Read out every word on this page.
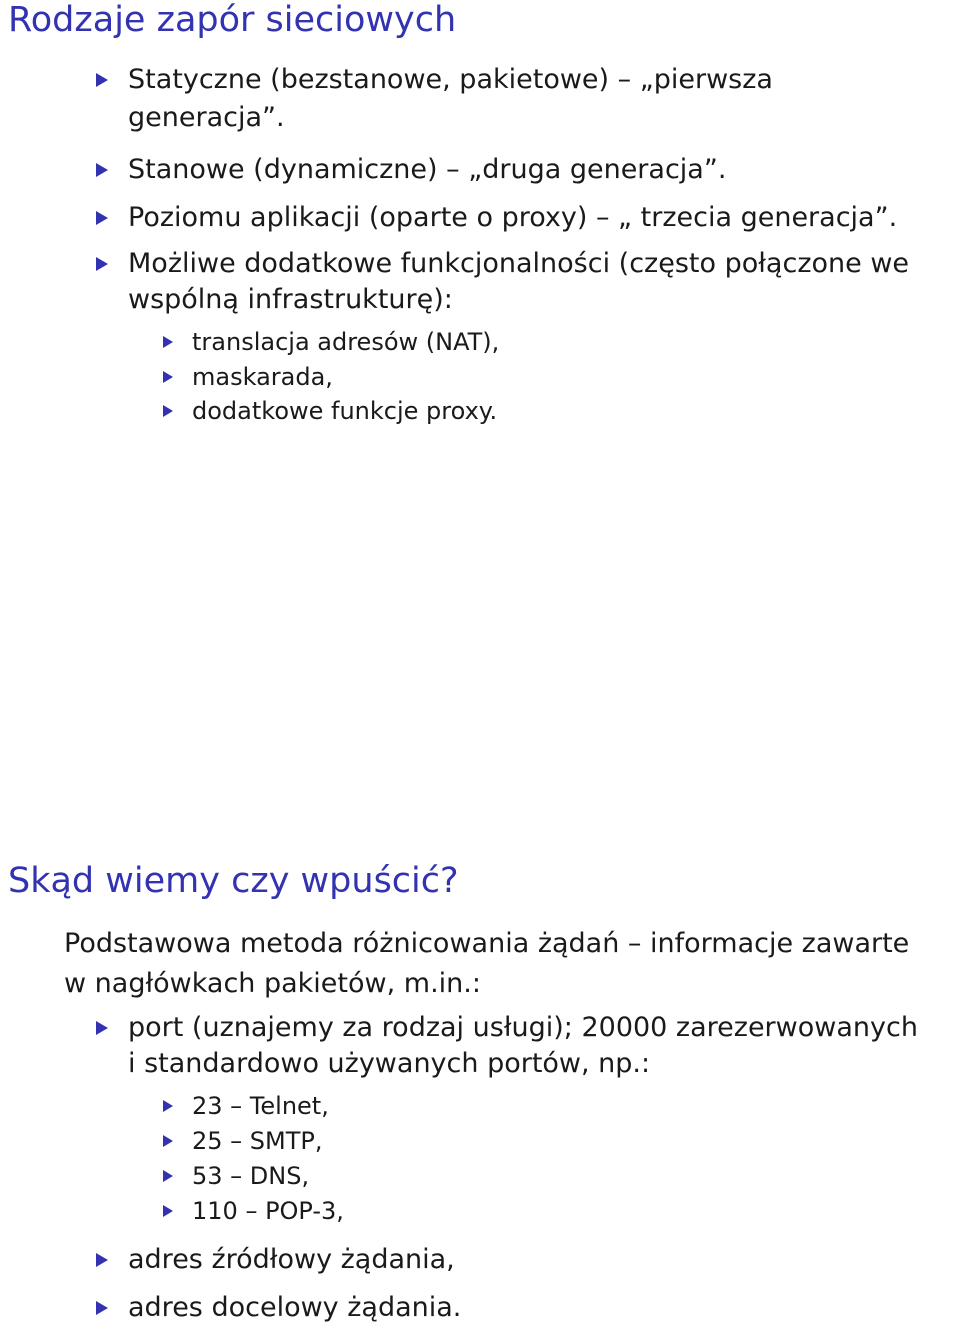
Rodzaje zapór sieciowych
Statyczne (bezstanowe, pakietowe) – „pierwsza
generacja”.
Stanowe (dynamiczne) – „druga generacja”.
Poziomu aplikacji (oparte o proxy) – „ trzecia generacja”.
Możliwe dodatkowe funkcjonalności (często połączone we
wspólną infrastrukturę):
translacja adresów (NAT),
maskarada,
dodatkowe funkcje proxy.
Skąd wiemy czy wpuścić?

Podstawowa metoda różnicowania żądań – informacje zawarte

w nagłówkach pakietów, m.in.:

port (uznajemy za rodzaj usługi); 20000 zarezerwowanych
i standardowo używanych portów, np.:
23 – Telnet,
25 – SMTP,
53 – DNS,
110 – POP-3,
adres źródłowy żądania,
adres docelowy żądania.
